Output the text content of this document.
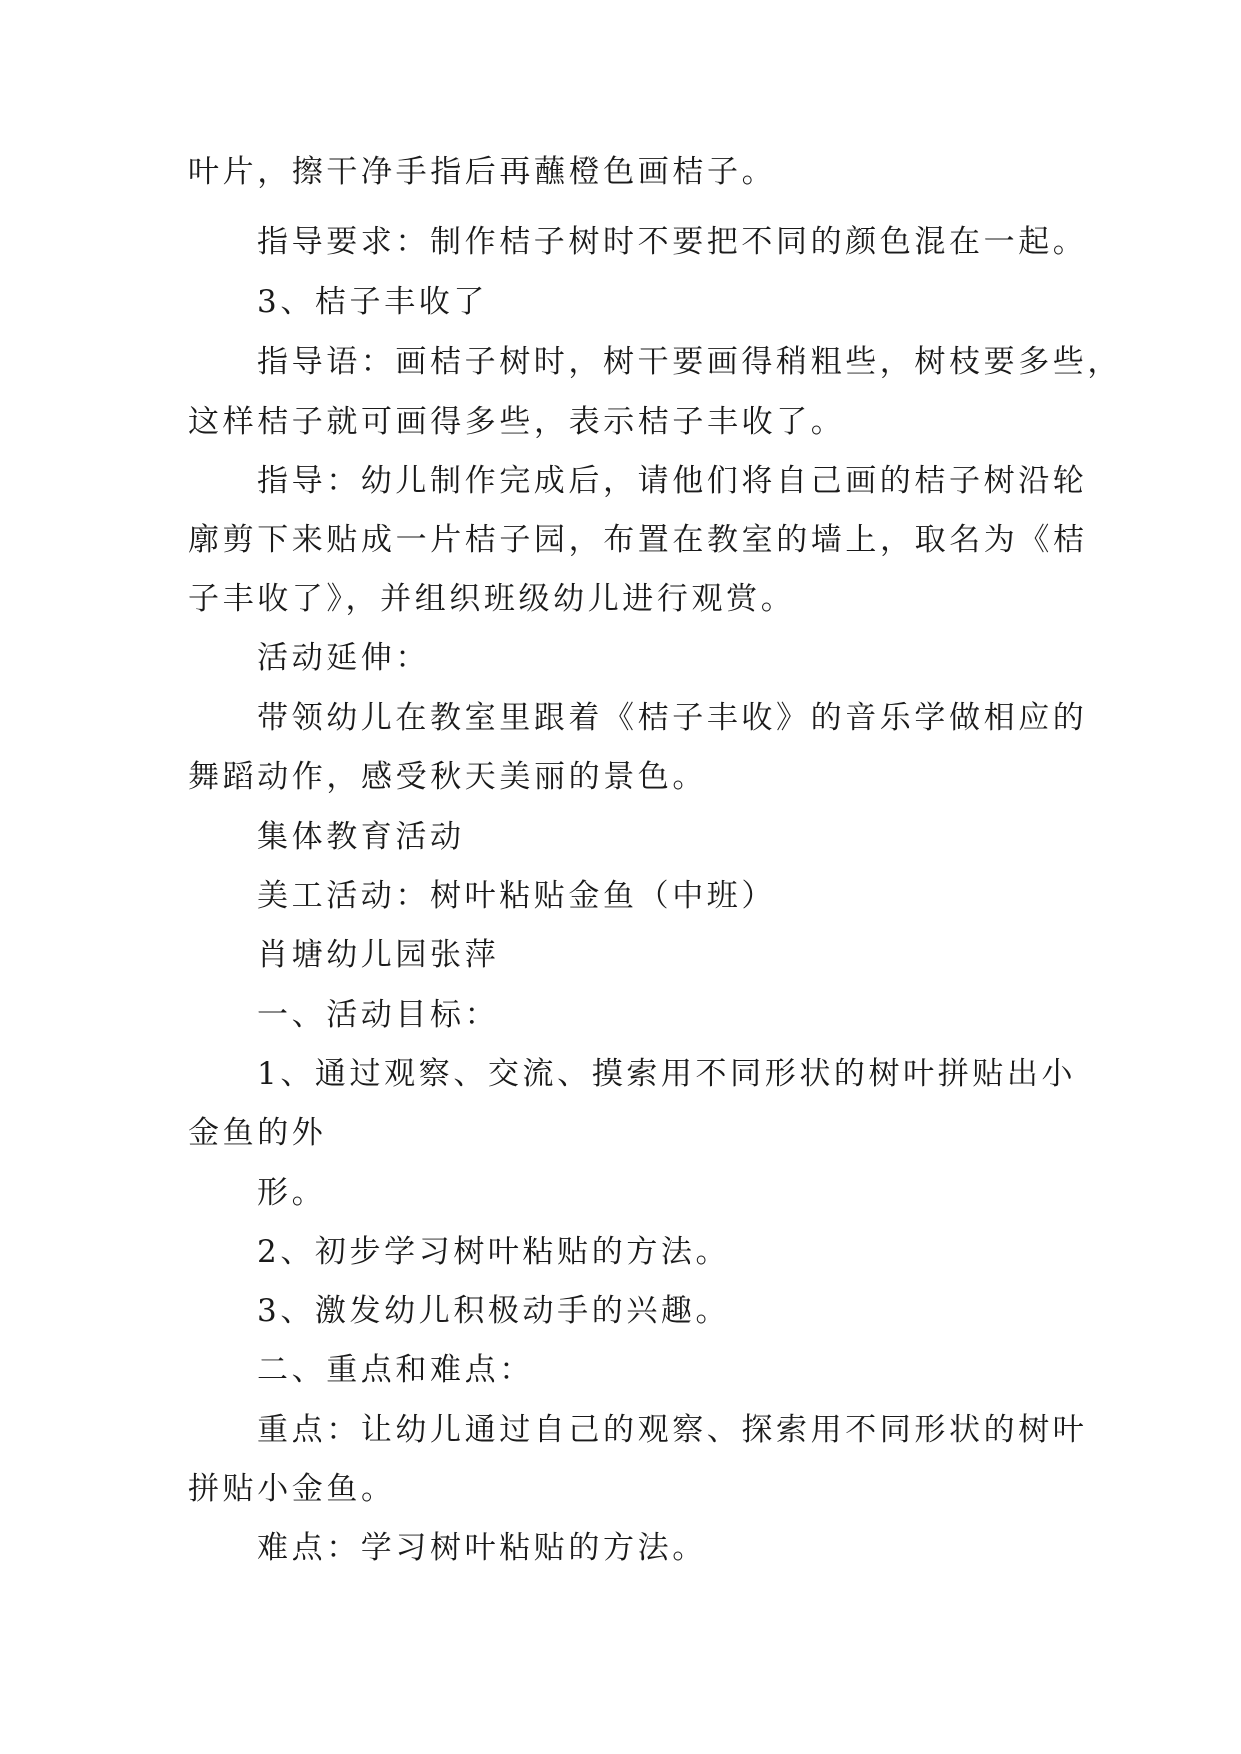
叶片，擦干净手指后再蘸橙色画桔子。
指导要求：制作桔子树时不要把不同的颜色混在一起。
3、桔子丰收了
指导语：画桔子树时，树干要画得稍粗些，树枝要多些，
这样桔子就可画得多些，表示桔子丰收了。
指导：幼儿制作完成后，请他们将自己画的桔子树沿轮
廓剪下来贴成一片桔子园，布置在教室的墙上，取名为《桔
子丰收了》，并组织班级幼儿进行观赏。
活动延伸：
带领幼儿在教室里跟着《桔子丰收》的音乐学做相应的
舞蹈动作，感受秋天美丽的景色。
集体教育活动
美工活动：树叶粘贴金鱼（中班）
肖塘幼儿园张萍
一、活动目标：
1、通过观察、交流、摸索用不同形状的树叶拼贴出小
金鱼的外
形。
2、初步学习树叶粘贴的方法。
3、激发幼儿积极动手的兴趣。
二、重点和难点：
重点：让幼儿通过自己的观察、探索用不同形状的树叶
拼贴小金鱼。
难点：学习树叶粘贴的方法。
